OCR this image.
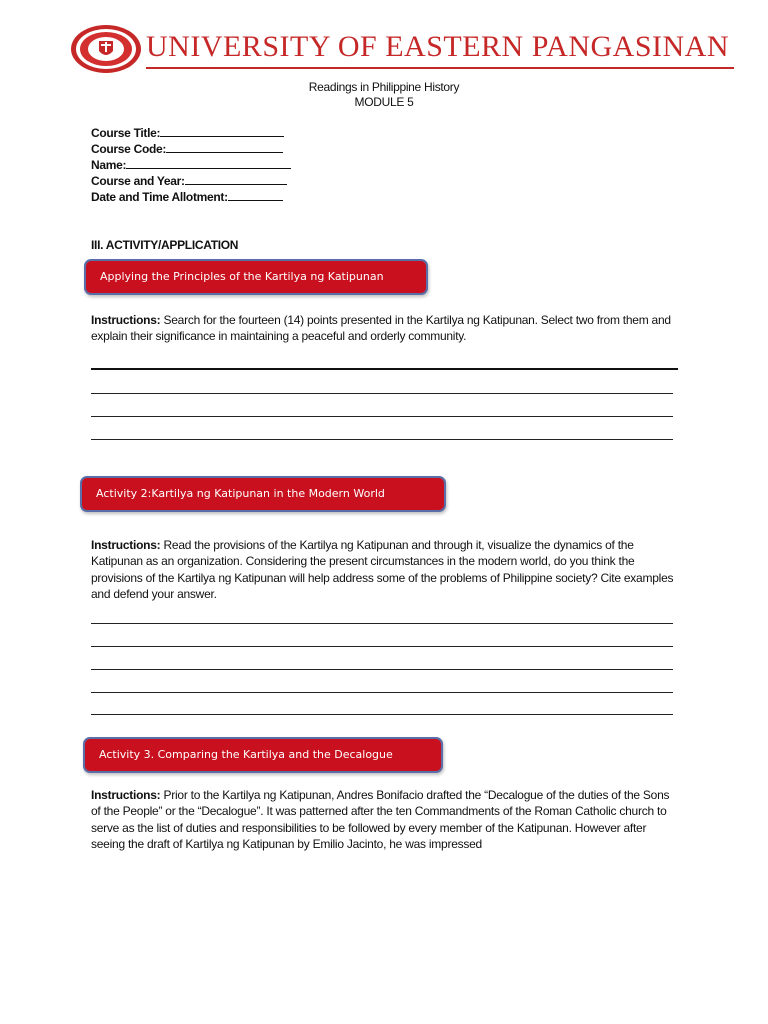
UNIVERSITY OF EASTERN PANGASINAN
Readings in Philippine History
MODULE 5
Course Title:
Course Code:
Name:
Course and Year:
Date and Time Allotment:
III. ACTIVITY/APPLICATION
Applying the Principles of the Kartilya ng Katipunan
Instructions: Search for the fourteen (14) points presented in the Kartilya ng Katipunan. Select two from them and explain their significance in maintaining a peaceful and orderly community.
Activity 2:Kartilya ng Katipunan in the Modern World
Instructions: Read the provisions of the Kartilya ng Katipunan and through it, visualize the dynamics of the Katipunan as an organization. Considering the present circumstances in the modern world, do you think the provisions of the Kartilya ng Katipunan will help address some of the problems of Philippine society? Cite examples and defend your answer.
Activity 3. Comparing the Kartilya and the Decalogue
Instructions: Prior to the Kartilya ng Katipunan, Andres Bonifacio drafted the “Decalogue of the duties of the Sons of the People” or the “Decalogue”. It was patterned after the ten Commandments of the Roman Catholic church to serve as the list of duties and responsibilities to be followed by every member of the Katipunan. However after seeing the draft of Kartilya ng Katipunan by Emilio Jacinto, he was impressed
